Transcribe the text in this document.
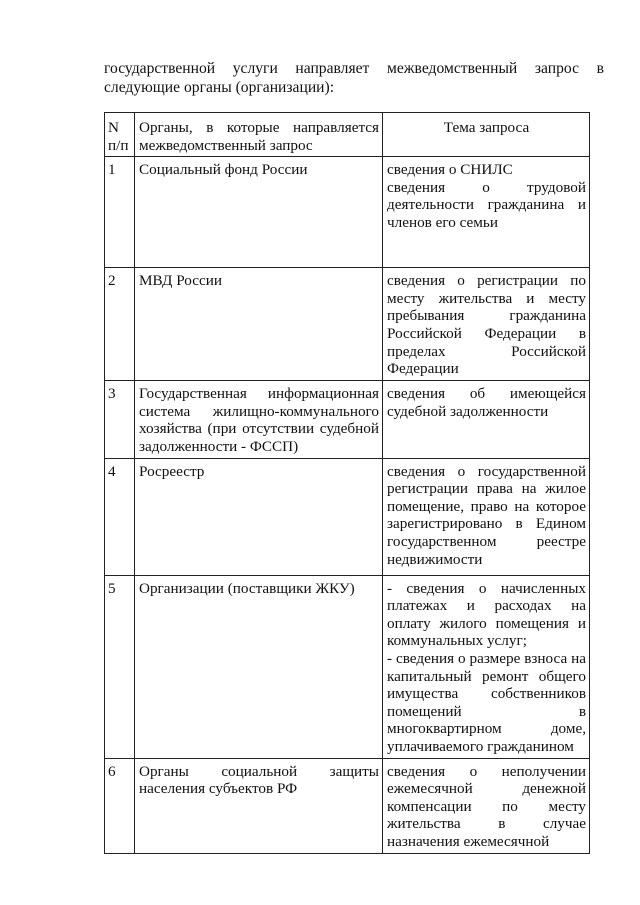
государственной услуги направляет межведомственный запрос в следующие органы (организации):

N п/п	Органы, в которые направляется межведомственный запрос	Тема запроса
1	Социальный фонд России	сведения о СНИЛС
сведения о трудовой деятельности гражданина и членов его семьи

2	МВД России	сведения о регистрации по месту жительства и месту пребывания гражданина Российской Федерации в пределах Российской Федерации

3	Государственная информационная система жилищно-коммунального хозяйства (при отсутствии судебной задолженности - ФССП)	сведения об имеющейся судебной задолженности

4	Росреестр	сведения о государственной регистрации права на жилое помещение, право на которое зарегистрировано в Едином государственном реестре недвижимости

5	Организации (поставщики ЖКУ)	- сведения о начисленных платежах и расходах на оплату жилого помещения и коммунальных услуг;
- сведения о размере взноса на капитальный ремонт общего имущества собственников помещений в многоквартирном доме, уплачиваемого гражданином

6	Органы социальной защиты населения субъектов РФ	сведения о неполучении ежемесячной денежной компенсации по месту жительства в случае назначения ежемесячной
